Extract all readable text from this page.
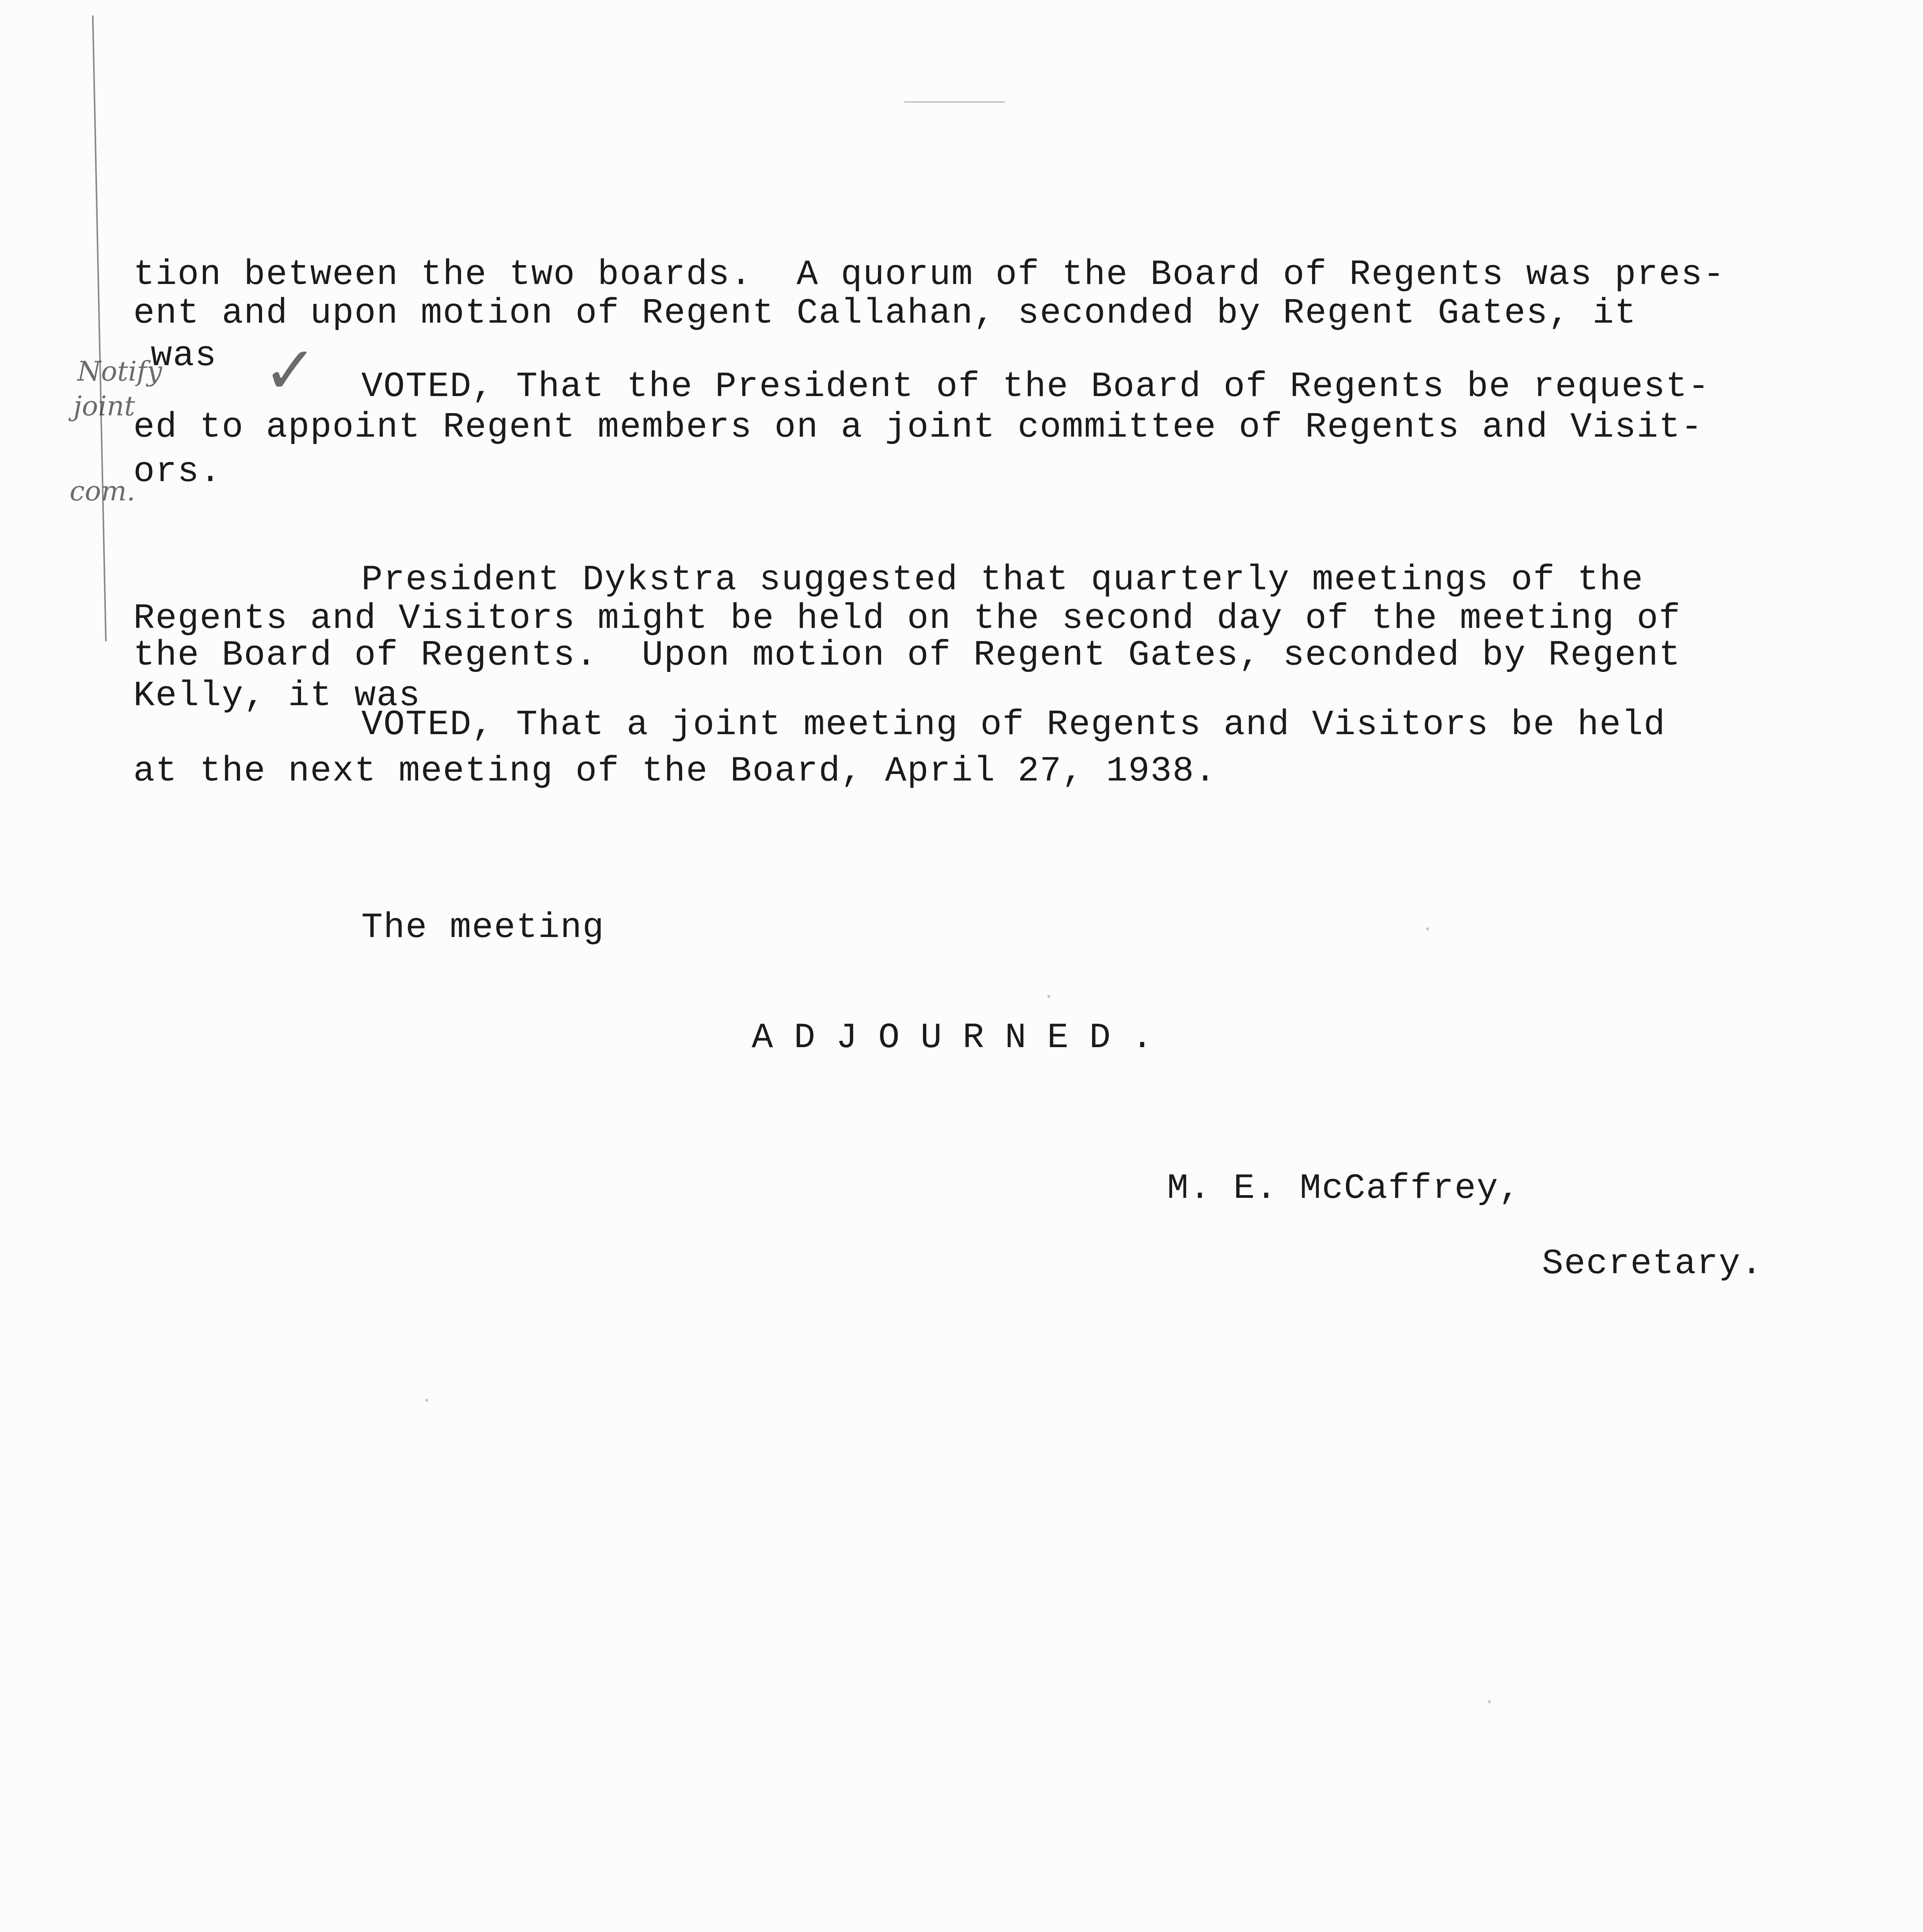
✓
Notify
joint
com.
tion between the two boards.  A quorum of the Board of Regents was pres-
ent and upon motion of Regent Callahan, seconded by Regent Gates, it
was
VOTED, That the President of the Board of Regents be request-
ed to appoint Regent members on a joint committee of Regents and Visit-
ors.
President Dykstra suggested that quarterly meetings of the
Regents and Visitors might be held on the second day of the meeting of
the Board of Regents.  Upon motion of Regent Gates, seconded by Regent
Kelly, it was
VOTED, That a joint meeting of Regents and Visitors be held
at the next meeting of the Board, April 27, 1938.
The meeting
ADJOURNED.
M. E. McCaffrey,
Secretary.
